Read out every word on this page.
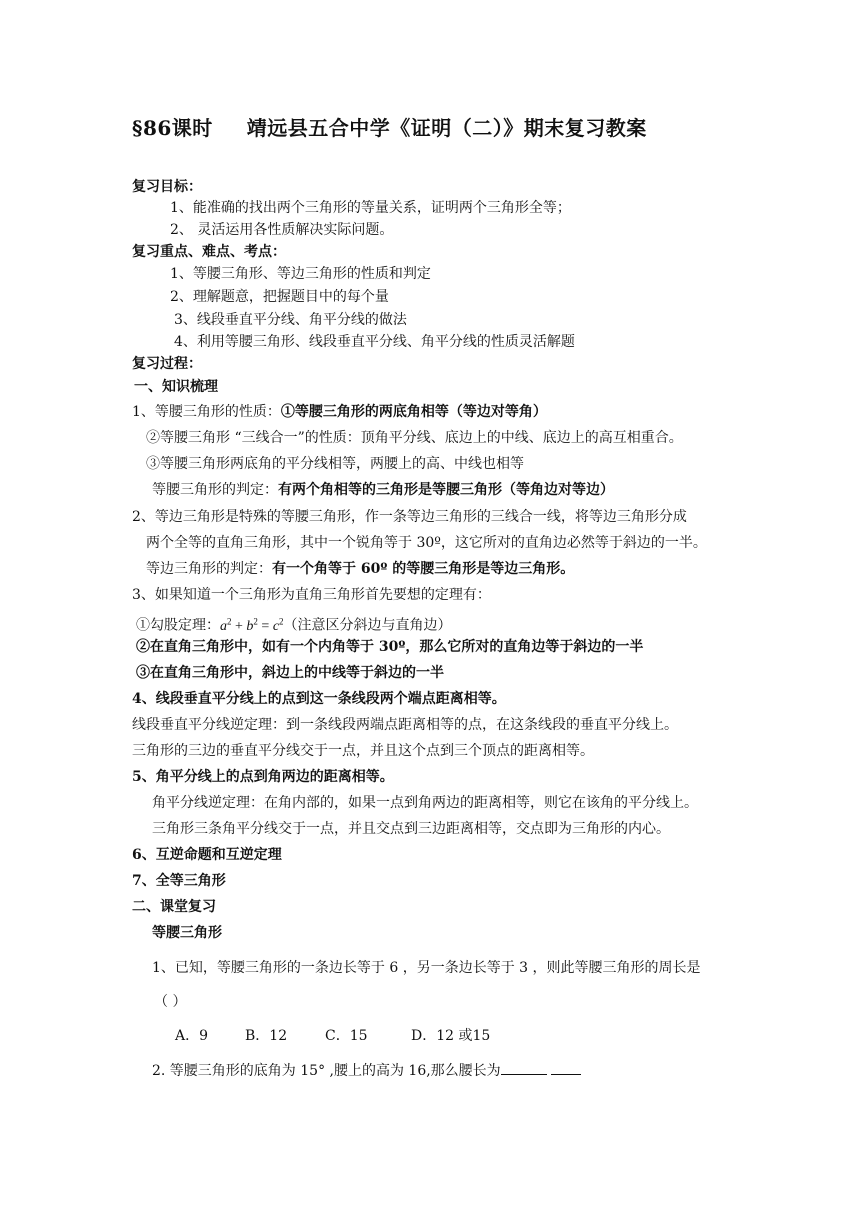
§86课时 靖远县五合中学《证明（二）》期末复习教案
复习目标：
1、能准确的找出两个三角形的等量关系，证明两个三角形全等；
2、 灵活运用各性质解决实际问题。
复习重点、难点、考点：
1、等腰三角形、等边三角形的性质和判定
2、理解题意，把握题目中的每个量
3、线段垂直平分线、角平分线的做法
4、利用等腰三角形、线段垂直平分线、角平分线的性质灵活解题
复习过程：
一、知识梳理
1、等腰三角形的性质：①等腰三角形的两底角相等（等边对等角）
②等腰三角形 “三线合一”的性质：顶角平分线、底边上的中线、底边上的高互相重合。
③等腰三角形两底角的平分线相等，两腰上的高、中线也相等
等腰三角形的判定：有两个角相等的三角形是等腰三角形（等角边对等边）
2、等边三角形是特殊的等腰三角形，作一条等边三角形的三线合一线，将等边三角形分成
两个全等的直角三角形，其中一个锐角等于 30º，这它所对的直角边必然等于斜边的一半。
等边三角形的判定：有一个角等于 60º 的等腰三角形是等边三角形。
3、如果知道一个三角形为直角三角形首先要想的定理有：
①勾股定理：$a^2 + b^2 = c^2$（注意区分斜边与直角边）
②在直角三角形中，如有一个内角等于 30º，那么它所对的直角边等于斜边的一半
③在直角三角形中，斜边上的中线等于斜边的一半
4、线段垂直平分线上的点到这一条线段两个端点距离相等。
线段垂直平分线逆定理：到一条线段两端点距离相等的点，在这条线段的垂直平分线上。
三角形的三边的垂直平分线交于一点，并且这个点到三个顶点的距离相等。
5、角平分线上的点到角两边的距离相等。
角平分线逆定理：在角内部的，如果一点到角两边的距离相等，则它在该角的平分线上。
三角形三条角平分线交于一点，并且交点到三边距离相等，交点即为三角形的内心。
6、互逆命题和互逆定理
7、全等三角形
二、课堂复习
等腰三角形
1、已知，等腰三角形的一条边长等于 6 ，另一条边长等于 3 ，则此等腰三角形的周长是
（ ）
A．9	B．12	C．15	D．12 或15
2. 等腰三角形的底角为 15° ,腰上的高为 16,那么腰长为
